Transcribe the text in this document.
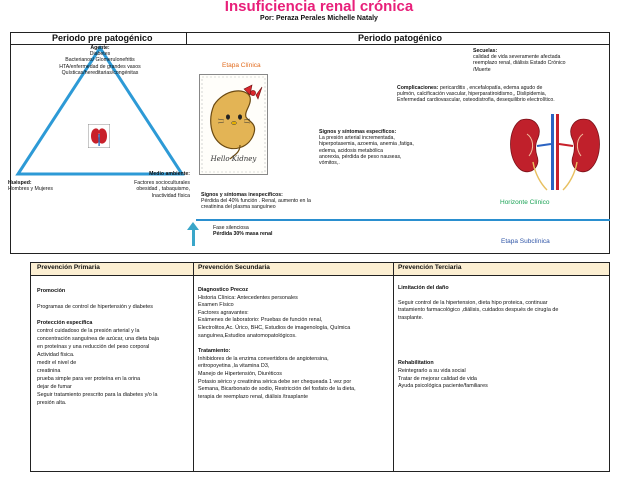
Insuficiencia renal crónica
Por: Peraza Perales Michelle Nataly
Periodo pre patogénico	Periodo patogénico
Agente:
Diabetes
Bacterianos/ Glomerulonefritis
HTA/enfermedad de grandes vasos
Quísticas/hereditarias/congénitas
Huésped:
Hombres y Mujeres
Medio ambiente:
Factores socioculturales
obesidad , tabaquismo,
Inactividad física
Etapa Clínica
Hello Kidney
Secuelas:
calidad de vida severamente afectada
reemplazo renal, diálisis Estado Crónico
/Muerte
Complicaciones: pericarditis , encefalopatía, edema agudo de
pulmón, calcificación vascular, hiperparatiroidismo,, Dislipidemia,
Enfermedad cardiovascular, osteodistrofia, desequilibrio electrolítico.
Signos y síntomas específicos:
La presión arterial incrementada,
hiperpotasemia, azoemia, anemia ,fatiga,
edema, acidosis metabólica
anorexia, pérdida de peso nauseas,
vómitos,.
Signos y síntomas inespecíficos:
Pérdida del 40% función . Renal, aumento en la
creatinina del plasma sanguíneo
Horizonte Clínico
Fase silenciosa
Pérdida 30% masa renal
Etapa Subclínica
Prevención Primaria	Prevención Secundaria	Prevención Terciaria
Promoción
Programas de control de hipertensión y diabetes
Protección específica
control cuidadoso de la presión arterial y la
concentración sanguínea de azúcar, una dieta baja
en proteínas y una reducción del peso corporal
Actividad física.
medir el nivel de
creatinina
prueba simple para ver proteína en la orina
dejar de fumar
Seguir tratamiento prescrito para la diabetes y/o la
presión alta.
Diagnostico Precoz
Historia Clínica: Antecedentes personales
Examen Físico
Factores agravantes:
Exámenes de laboratorio: Pruebas de función renal,
Electrolitos,Ac. Úrico, BHC, Estudios de imagenología, Química
sanguínea,Estudios anatomopatológicos.
Tratamiento:
Inhibidores de la enzima convertidora de angiotensina,
eritropoyetina ,la vitamina D3,
Manejo de Hipertensión, Diuréticos
Potasio sérico y creatinina sérica debe ser chequeada 1 vez por
Semana, Bicarbonato de sodio, Restricción del fosfato de la dieta,
terapia de reemplazo renal, diálisis /trasplante
Limitación del daño
Seguir control de la hipertension, dieta hipo proteica, continuar
tratamiento farmacológico ,diálisis, cuidados después de cirugía de
trasplante.
Rehabilitation
Reintegrarlo a su vida social
Tratar de mejorar calidad de vida
Ayuda psicológica paciente/familiares
